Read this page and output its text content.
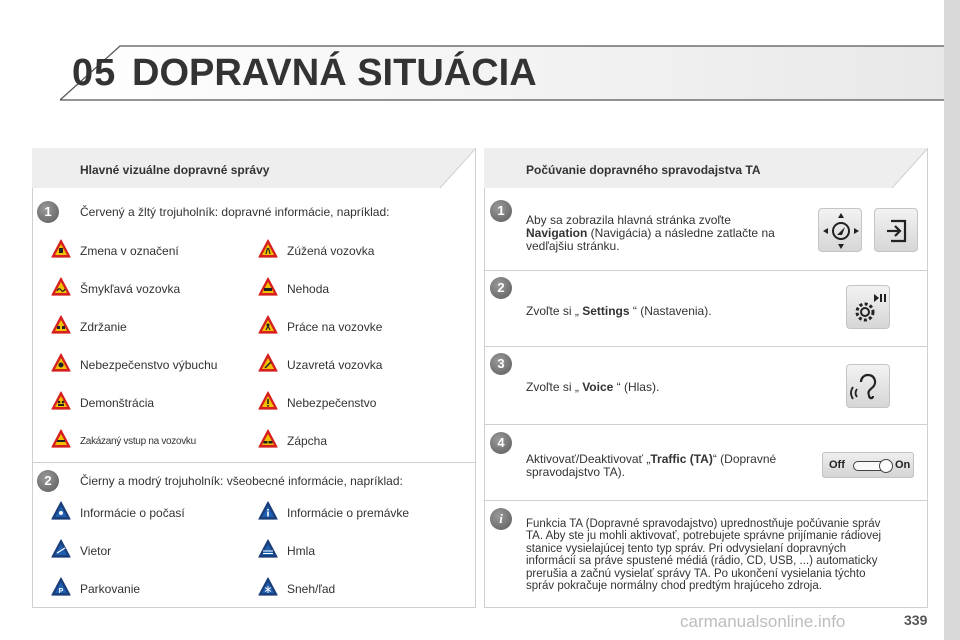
05 DOPRAVNÁ SITUÁCIA
Hlavné vizuálne dopravné správy
1	Červený a žltý trojuholník: dopravné informácie, napríklad:
Zmena v označení	Zúžená vozovka
Šmykľavá vozovka	Nehoda
Zdržanie	Práce na vozovke
Nebezpečenstvo výbuchu	Uzavretá vozovka
Demonštrácia	Nebezpečenstvo
Zakázaný vstup na vozovku	Zápcha
2	Čierny a modrý trojuholník: všeobecné informácie, napríklad:
Informácie o počasí	Informácie o premávke
Vietor	Hmla
P Parkovanie	Sneh/ľad
Počúvanie dopravného spravodajstva TA
1
Aby sa zobrazila hlavná stránka zvoľte
Navigation (Navigácia) a následne zatlačte na
vedľajšiu stránku.
2
Zvoľte si „ Settings “ (Nastavenia).
3
Zvoľte si „ Voice “ (Hlas).
4
Aktivovať/Deaktivovať „Traffic (TA)“ (Dopravné
spravodajstvo TA).	Off	On
i	Funkcia TA (Dopravné spravodajstvo) uprednostňuje počúvanie správ
TA. Aby ste ju mohli aktivovať, potrebujete správne prijímanie rádiovej
stanice vysielajúcej tento typ správ. Pri odvysielaní dopravných
informácií sa práve spustené médiá (rádio, CD, USB, ...) automaticky
prerušia a začnú vysielať správy TA. Po ukončení vysielania týchto
správ pokračuje normálny chod predtým hrajúceho zdroja.
carmanualsonline.info	339
